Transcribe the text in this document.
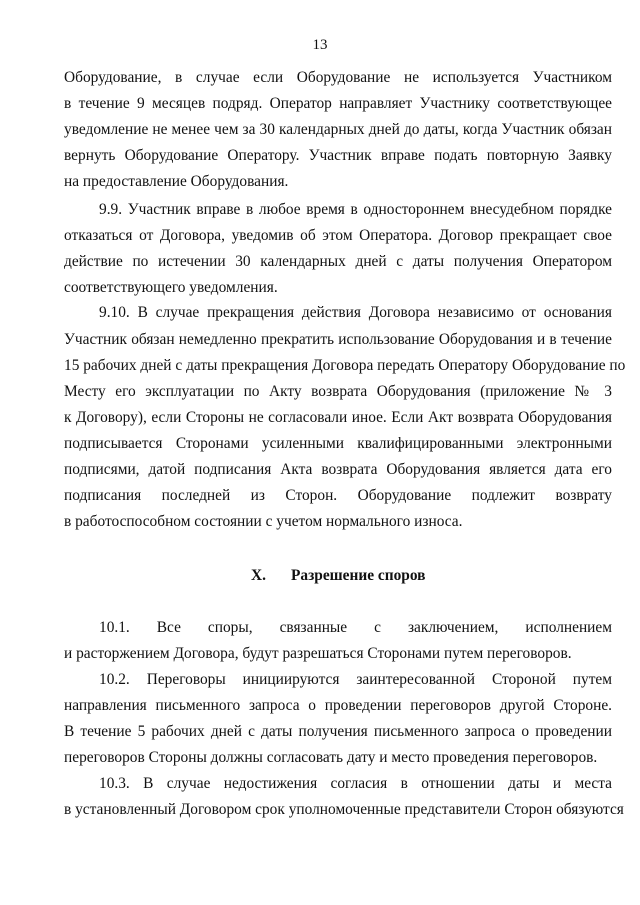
13
Оборудование, в случае если Оборудование не используется Участником
в течение 9 месяцев подряд. Оператор направляет Участнику соответствующее
уведомление не менее чем за 30 календарных дней до даты, когда Участник обязан
вернуть Оборудование Оператору. Участник вправе подать повторную Заявку
на предоставление Оборудования.
9.9. Участник вправе в любое время в одностороннем внесудебном порядке
отказаться от Договора, уведомив об этом Оператора. Договор прекращает свое
действие по истечении 30 календарных дней с даты получения Оператором
соответствующего уведомления.
9.10. В случае прекращения действия Договора независимо от основания
Участник обязан немедленно прекратить использование Оборудования и в течение
15 рабочих дней с даты прекращения Договора передать Оператору Оборудование по
Месту его эксплуатации по Акту возврата Оборудования (приложение № 3
к Договору), если Стороны не согласовали иное. Если Акт возврата Оборудования
подписывается Сторонами усиленными квалифицированными электронными
подписями, датой подписания Акта возврата Оборудования является дата его
подписания последней из Сторон. Оборудование подлежит возврату
в работоспособном состоянии с учетом нормального износа.
X. Разрешение споров
10.1. Все споры, связанные с заключением, исполнением
и расторжением Договора, будут разрешаться Сторонами путем переговоров.
10.2. Переговоры инициируются заинтересованной Стороной путем
направления письменного запроса о проведении переговоров другой Стороне.
В течение 5 рабочих дней с даты получения письменного запроса о проведении
переговоров Стороны должны согласовать дату и место проведения переговоров.
10.3. В случае недостижения согласия в отношении даты и места
в установленный Договором срок уполномоченные представители Сторон обязуются
